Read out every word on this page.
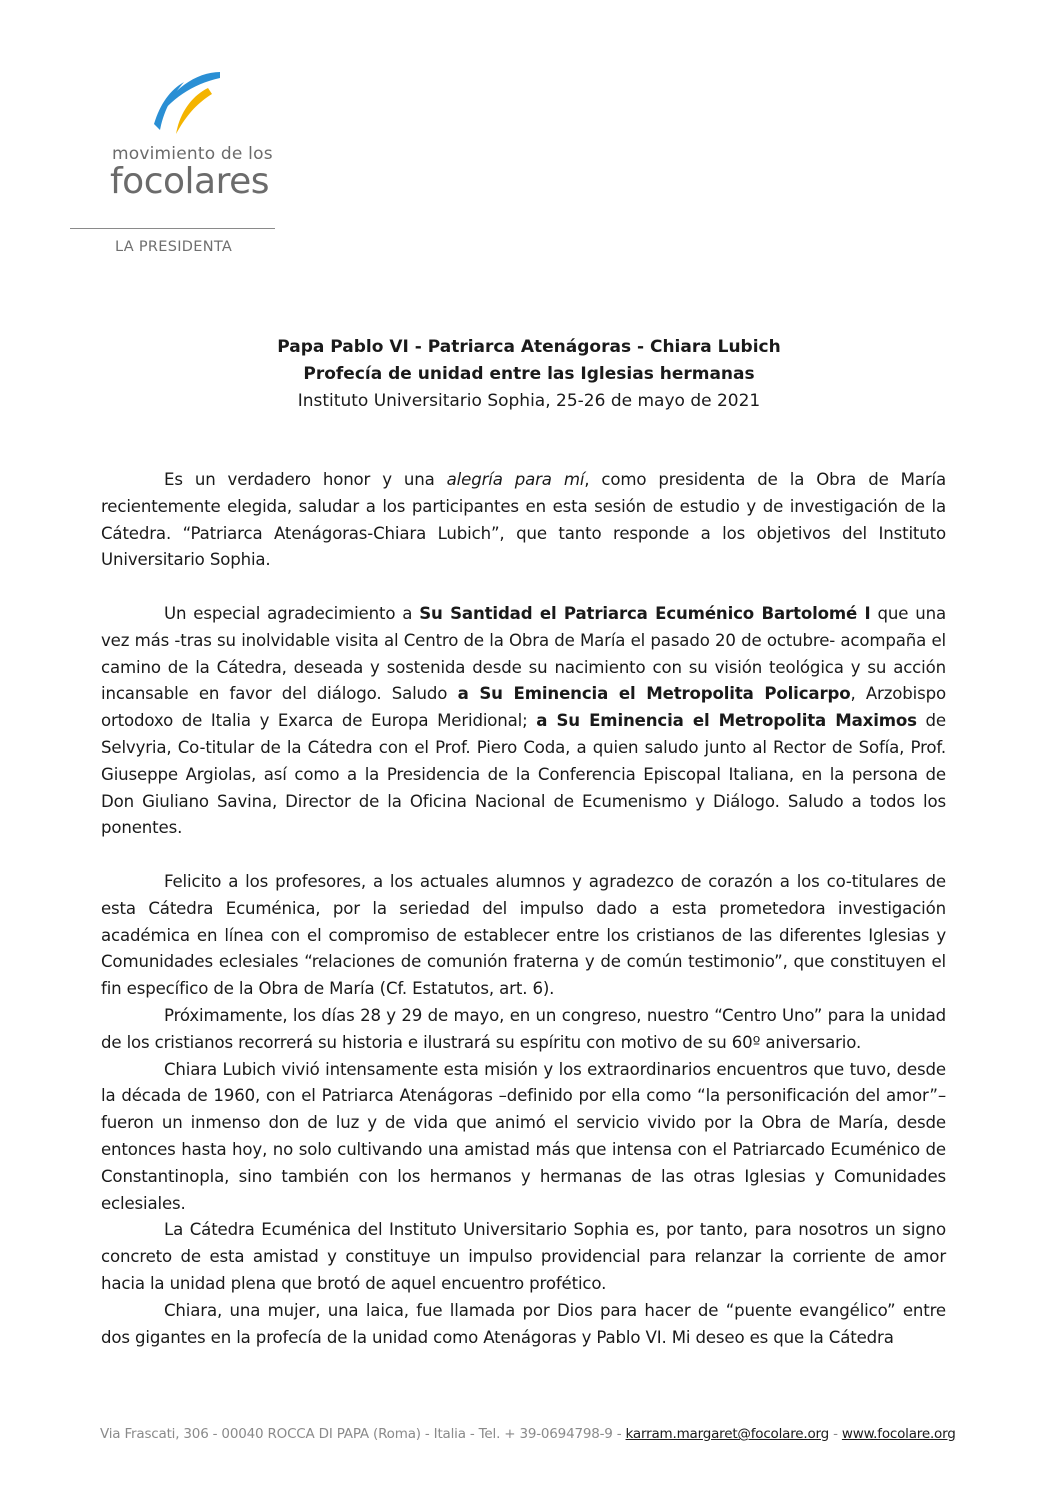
movimiento de los
focolares
LA PRESIDENTA
Papa Pablo VI - Patriarca Atenágoras - Chiara Lubich
Profecía de unidad entre las Iglesias hermanas
Instituto Universitario Sophia, 25-26 de mayo de 2021

Es un verdadero honor y una alegría para mí, como presidenta de la Obra de María recientemente elegida, saludar a los participantes en esta sesión de estudio y de investigación de la Cátedra. “Patriarca Atenágoras-Chiara Lubich”, que tanto responde a los objetivos del Instituto Universitario Sophia.

Un especial agradecimiento a Su Santidad el Patriarca Ecuménico Bartolomé I que una vez más -tras su inolvidable visita al Centro de la Obra de María el pasado 20 de octubre- acompaña el camino de la Cátedra, deseada y sostenida desde su nacimiento con su visión teológica y su acción incansable en favor del diálogo. Saludo a Su Eminencia el Metropolita Policarpo, Arzobispo ortodoxo de Italia y Exarca de Europa Meridional; a Su Eminencia el Metropolita Maximos de Selvyria, Co-titular de la Cátedra con el Prof. Piero Coda, a quien saludo junto al Rector de Sofía, Prof. Giuseppe Argiolas, así como a la Presidencia de la Conferencia Episcopal Italiana, en la persona de Don Giuliano Savina, Director de la Oficina Nacional de Ecumenismo y Diálogo. Saludo a todos los ponentes.

Felicito a los profesores, a los actuales alumnos y agradezco de corazón a los co-titulares de esta Cátedra Ecuménica, por la seriedad del impulso dado a esta prometedora investigación académica en línea con el compromiso de establecer entre los cristianos de las diferentes Iglesias y Comunidades eclesiales “relaciones de comunión fraterna y de común testimonio”, que constituyen el fin específico de la Obra de María (Cf. Estatutos, art. 6).

Próximamente, los días 28 y 29 de mayo, en un congreso, nuestro “Centro Uno” para la unidad de los cristianos recorrerá su historia e ilustrará su espíritu con motivo de su 60º aniversario.

Chiara Lubich vivió intensamente esta misión y los extraordinarios encuentros que tuvo, desde la década de 1960, con el Patriarca Atenágoras –definido por ella como “la personificación del amor”– fueron un inmenso don de luz y de vida que animó el servicio vivido por la Obra de María, desde entonces hasta hoy, no solo cultivando una amistad más que intensa con el Patriarcado Ecuménico de Constantinopla, sino también con los hermanos y hermanas de las otras Iglesias y Comunidades eclesiales.

La Cátedra Ecuménica del Instituto Universitario Sophia es, por tanto, para nosotros un signo concreto de esta amistad y constituye un impulso providencial para relanzar la corriente de amor hacia la unidad plena que brotó de aquel encuentro profético.

Chiara, una mujer, una laica, fue llamada por Dios para hacer de “puente evangélico” entre dos gigantes en la profecía de la unidad como Atenágoras y Pablo VI. Mi deseo es que la Cátedra

Via Frascati, 306 - 00040 ROCCA DI PAPA (Roma) - Italia - Tel. + 39-0694798-9 - karram.margaret@focolare.org - www.focolare.org
